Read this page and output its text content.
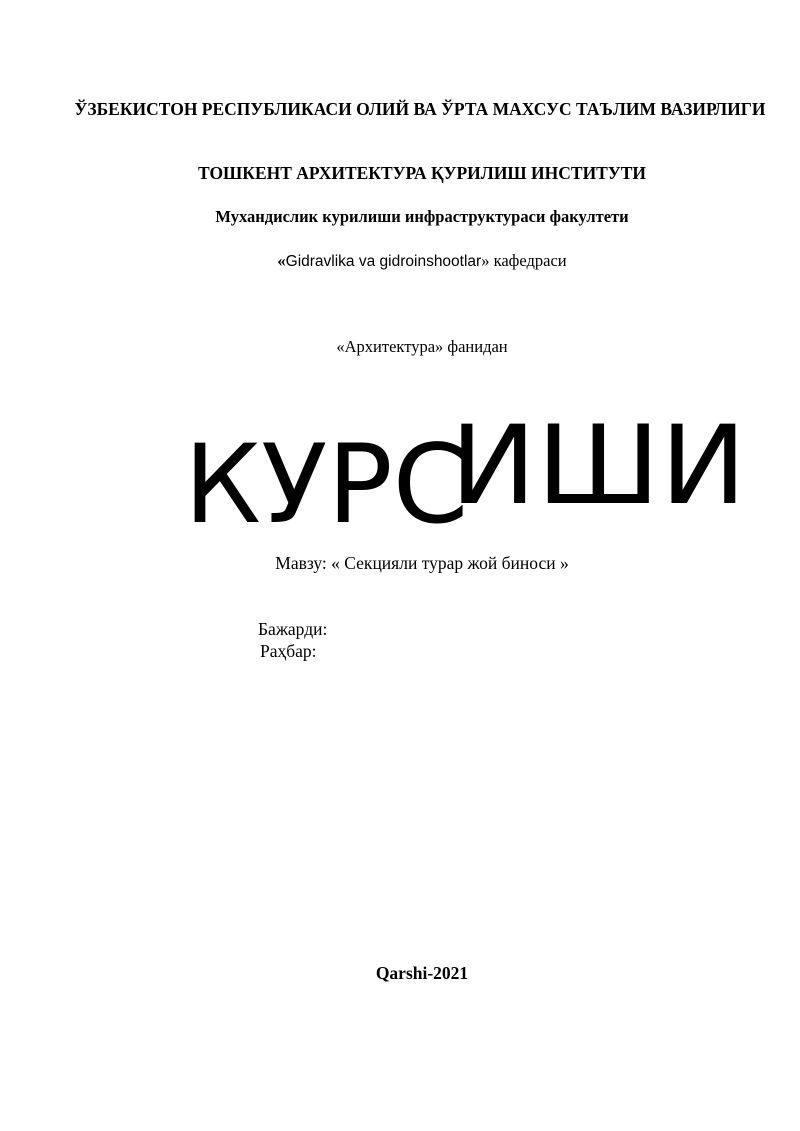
ЎЗБЕКИСТОН РЕСПУБЛИКАСИ ОЛИЙ ВА ЎРТА МАХСУС ТАЪЛИМ ВАЗИРЛИГИ
ТОШКЕНТ АРХИТЕКТУРА ҚУРИЛИШ ИНСТИТУТИ
Мухандислик курилиши инфраструктураси факултети
«Gidravlika va gidroinshootlar» кафедраси
«Архитектура» фанидан
КУРС
ИШИ
Мавзу: « Секцияли турар жой биноси »
Бажарди:
Раҳбар:
Qarshi-2021
